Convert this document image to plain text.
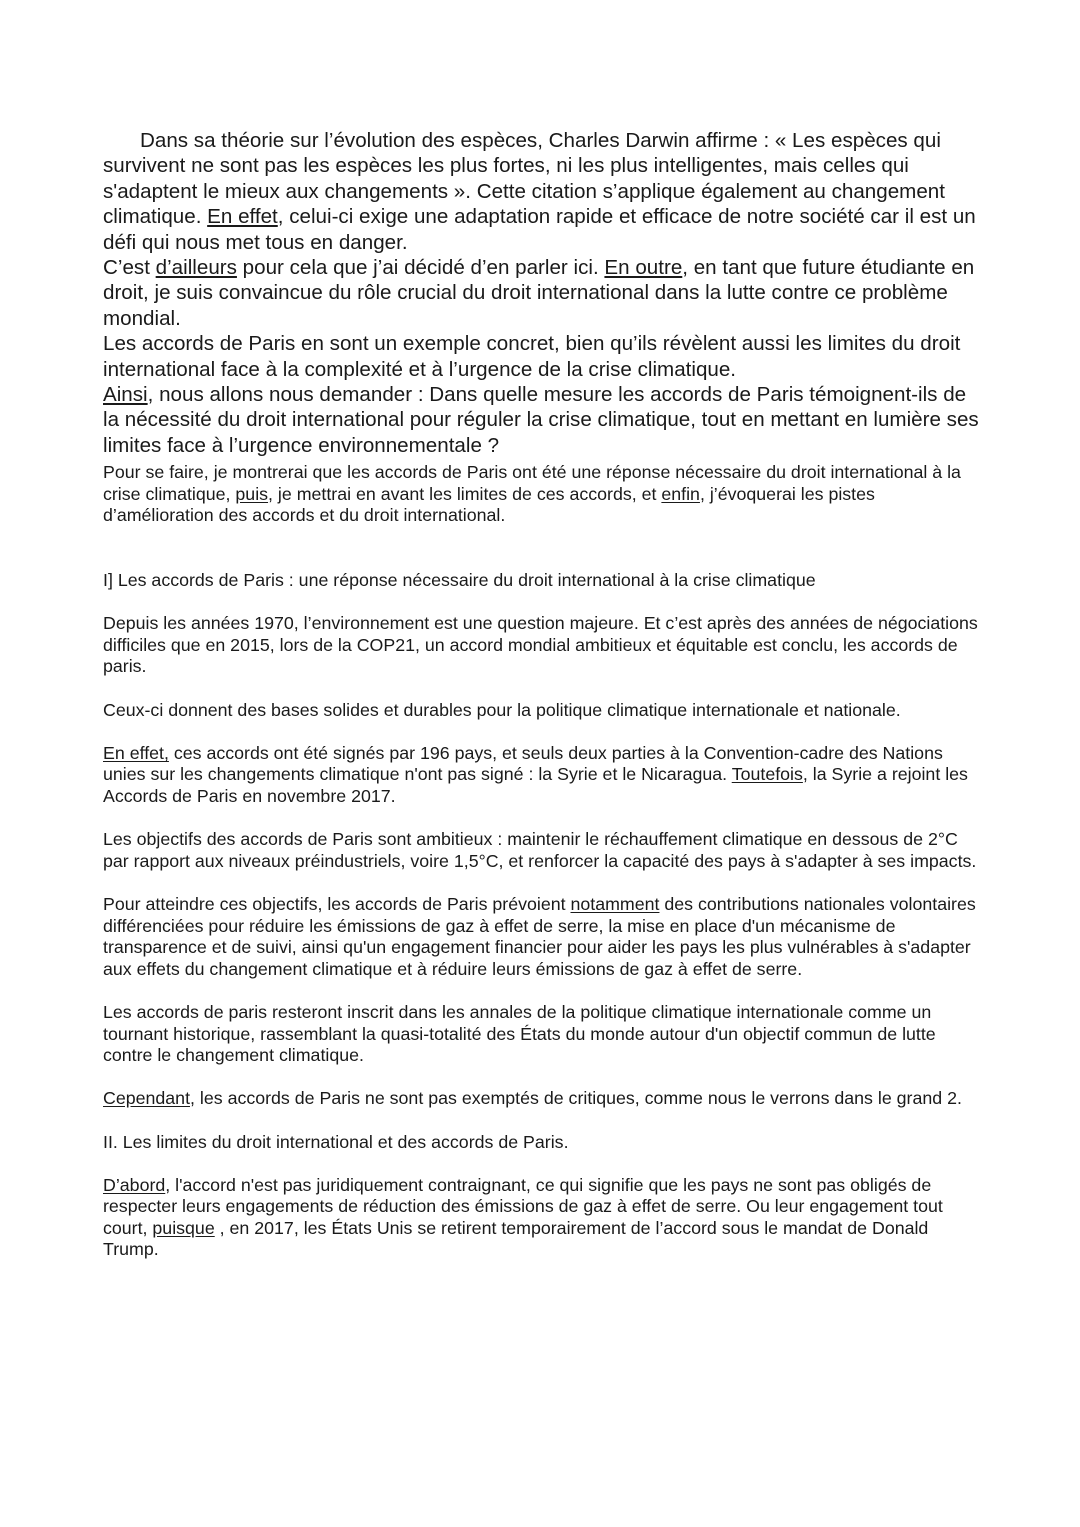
Dans sa théorie sur l’évolution des espèces, Charles Darwin affirme : « Les espèces qui survivent ne sont pas les espèces les plus fortes, ni les plus intelligentes, mais celles qui s'adaptent le mieux aux changements ». Cette citation s’applique également au changement climatique. En effet, celui-ci exige une adaptation rapide et efficace de notre société car il est un défi qui nous met tous en danger.

C’est d’ailleurs pour cela que j’ai décidé d’en parler ici. En outre, en tant que future étudiante en droit, je suis convaincue du rôle crucial du droit international dans la lutte contre ce problème mondial.

Les accords de Paris en sont un exemple concret, bien qu’ils révèlent aussi les limites du droit international face à la complexité et à l’urgence de la crise climatique.

Ainsi, nous allons nous demander : Dans quelle mesure les accords de Paris témoignent-ils de la nécessité du droit international pour réguler la crise climatique, tout en mettant en lumière ses limites face à l’urgence environnementale ?

Pour se faire, je montrerai que les accords de Paris ont été une réponse nécessaire du droit international à la crise climatique, puis, je mettrai en avant les limites de ces accords, et enfin, j’évoquerai les pistes d’amélioration des accords et du droit international.

I] Les accords de Paris : une réponse nécessaire du droit international à la crise climatique

Depuis les années 1970, l’environnement est une question majeure. Et c’est après des années de négociations difficiles que en 2015, lors de la COP21, un accord mondial ambitieux et équitable est conclu, les accords de paris.

Ceux-ci donnent des bases solides et durables pour la politique climatique internationale et nationale.

En effet, ces accords ont été signés par 196 pays, et seuls deux parties à la Convention-cadre des Nations unies sur les changements climatique n'ont pas signé : la Syrie et le Nicaragua. Toutefois, la Syrie a rejoint les Accords de Paris en novembre 2017.

Les objectifs des accords de Paris sont ambitieux : maintenir le réchauffement climatique en dessous de 2°C par rapport aux niveaux préindustriels, voire 1,5°C, et renforcer la capacité des pays à s'adapter à ses impacts.

Pour atteindre ces objectifs, les accords de Paris prévoient notamment des contributions nationales volontaires différenciées pour réduire les émissions de gaz à effet de serre, la mise en place d'un mécanisme de transparence et de suivi, ainsi qu'un engagement financier pour aider les pays les plus vulnérables à s'adapter aux effets du changement climatique et à réduire leurs émissions de gaz à effet de serre.

Les accords de paris resteront inscrit dans les annales de la politique climatique internationale comme un tournant historique, rassemblant la quasi-totalité des États du monde autour d'un objectif commun de lutte contre le changement climatique.

Cependant, les accords de Paris ne sont pas exemptés de critiques, comme nous le verrons dans le grand 2.

II. Les limites du droit international et des accords de Paris.

D’abord, l'accord n'est pas juridiquement contraignant, ce qui signifie que les pays ne sont pas obligés de respecter leurs engagements de réduction des émissions de gaz à effet de serre. Ou leur engagement tout court, puisque , en 2017, les États Unis se retirent temporairement de l’accord sous le mandat de Donald Trump.
